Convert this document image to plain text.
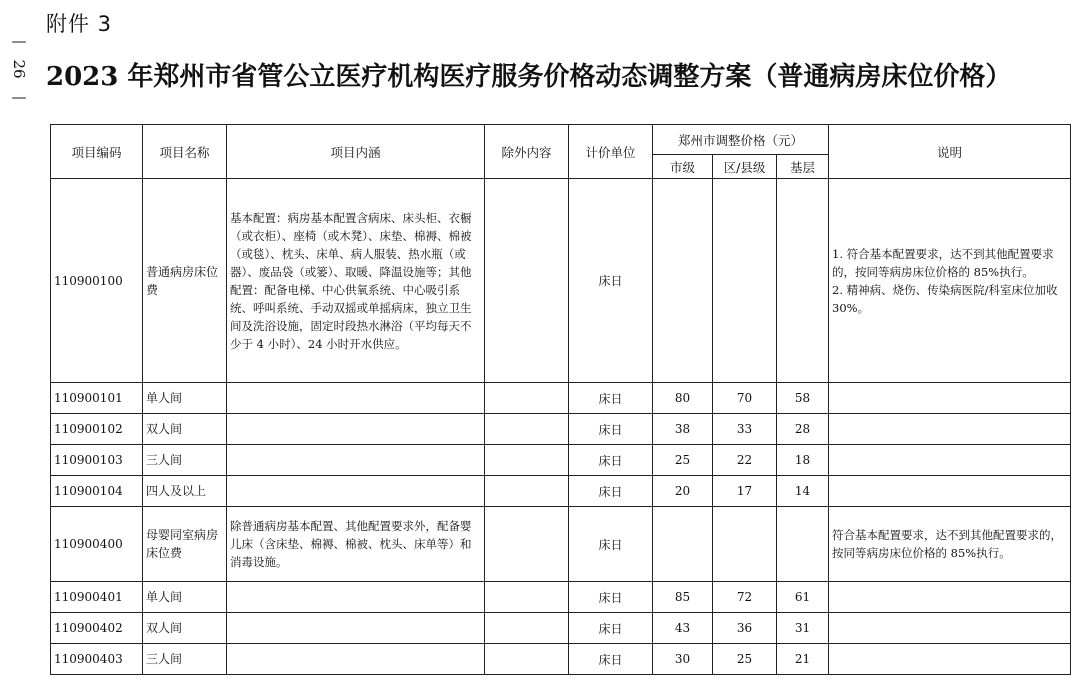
附件 3
—
26
—
2023 年郑州市省管公立医疗机构医疗服务价格动态调整方案（普通病房床位价格）
项目编码	项目名称	项目内涵	除外内容	计价单位	郑州市调整价格（元）			说明
					市级	区/县级	基层	
110900100	普通病房床位费	基本配置：病房基本配置含病床、床头柜、衣橱（或衣柜）、座椅（或木凳）、床垫、棉褥、棉被（或毯）、枕头、床单、病人服装、热水瓶（或器）、废品袋（或篓）、取暖、降温设施等；其他配置：配备电梯、中心供氧系统、中心吸引系统、呼叫系统、手动双摇或单摇病床，独立卫生间及洗浴设施，固定时段热水淋浴（平均每天不少于 4 小时）、24 小时开水供应。		床日				1. 符合基本配置要求，达不到其他配置要求的，按同等病房床位价格的 85%执行。
2. 精神病、烧伤、传染病医院/科室床位加收 30%。
110900101	单人间			床日	80	70	58	
110900102	双人间			床日	38	33	28	
110900103	三人间			床日	25	22	18	
110900104	四人及以上			床日	20	17	14	
110900400	母婴同室病房床位费	除普通病房基本配置、其他配置要求外，配备婴儿床（含床垫、棉褥、棉被、枕头、床单等）和消毒设施。		床日				符合基本配置要求，达不到其他配置要求的，按同等病房床位价格的 85%执行。
110900401	单人间			床日	85	72	61	
110900402	双人间			床日	43	36	31	
110900403	三人间			床日	30	25	21	
